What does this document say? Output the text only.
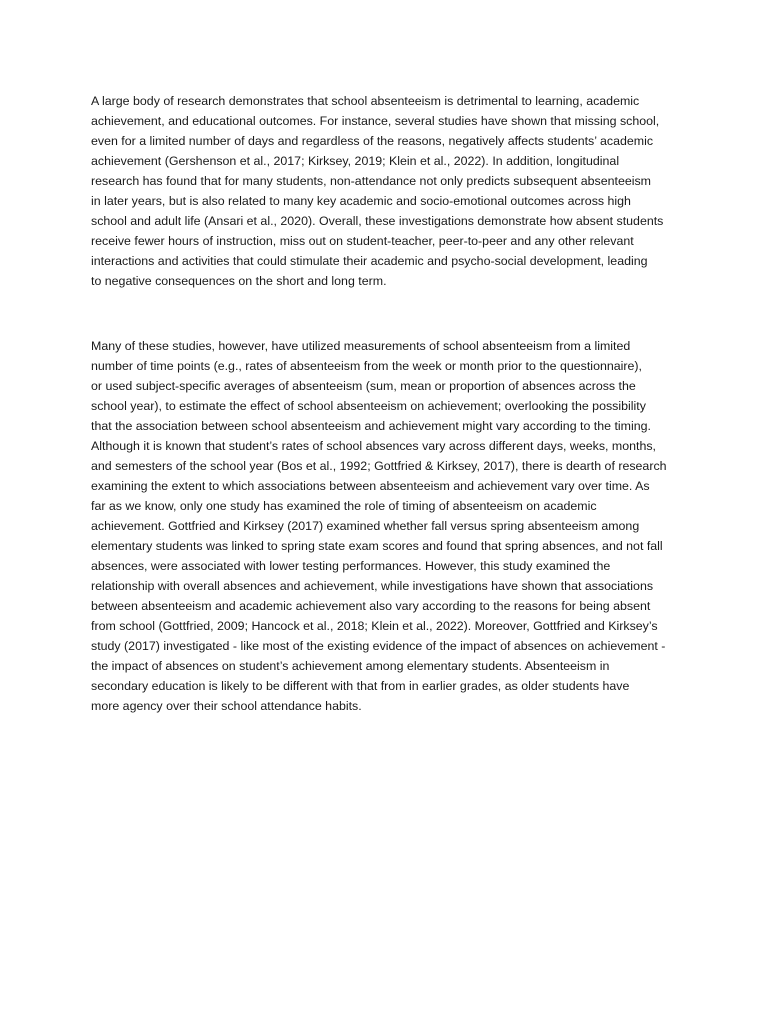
A large body of research demonstrates that school absenteeism is detrimental to learning, academic
achievement, and educational outcomes. For instance, several studies have shown that missing school,
even for a limited number of days and regardless of the reasons, negatively affects students’ academic
achievement (Gershenson et al., 2017; Kirksey, 2019; Klein et al., 2022). In addition, longitudinal
research has found that for many students, non-attendance not only predicts subsequent absenteeism
in later years, but is also related to many key academic and socio-emotional outcomes across high
school and adult life (Ansari et al., 2020). Overall, these investigations demonstrate how absent students
receive fewer hours of instruction, miss out on student-teacher, peer-to-peer and any other relevant
interactions and activities that could stimulate their academic and psycho-social development, leading
to negative consequences on the short and long term.
Many of these studies, however, have utilized measurements of school absenteeism from a limited
number of time points (e.g., rates of absenteeism from the week or month prior to the questionnaire),
or used subject-specific averages of absenteeism (sum, mean or proportion of absences across the
school year), to estimate the effect of school absenteeism on achievement; overlooking the possibility
that the association between school absenteeism and achievement might vary according to the timing.
Although it is known that student’s rates of school absences vary across different days, weeks, months,
and semesters of the school year (Bos et al., 1992; Gottfried & Kirksey, 2017), there is dearth of research
examining the extent to which associations between absenteeism and achievement vary over time. As
far as we know, only one study has examined the role of timing of absenteeism on academic
achievement. Gottfried and Kirksey (2017) examined whether fall versus spring absenteeism among
elementary students was linked to spring state exam scores and found that spring absences, and not fall
absences, were associated with lower testing performances. However, this study examined the
relationship with overall absences and achievement, while investigations have shown that associations
between absenteeism and academic achievement also vary according to the reasons for being absent
from school (Gottfried, 2009; Hancock et al., 2018; Klein et al., 2022). Moreover, Gottfried and Kirksey’s
study (2017) investigated - like most of the existing evidence of the impact of absences on achievement -
the impact of absences on student’s achievement among elementary students. Absenteeism in
secondary education is likely to be different with that from in earlier grades, as older students have
more agency over their school attendance habits.
